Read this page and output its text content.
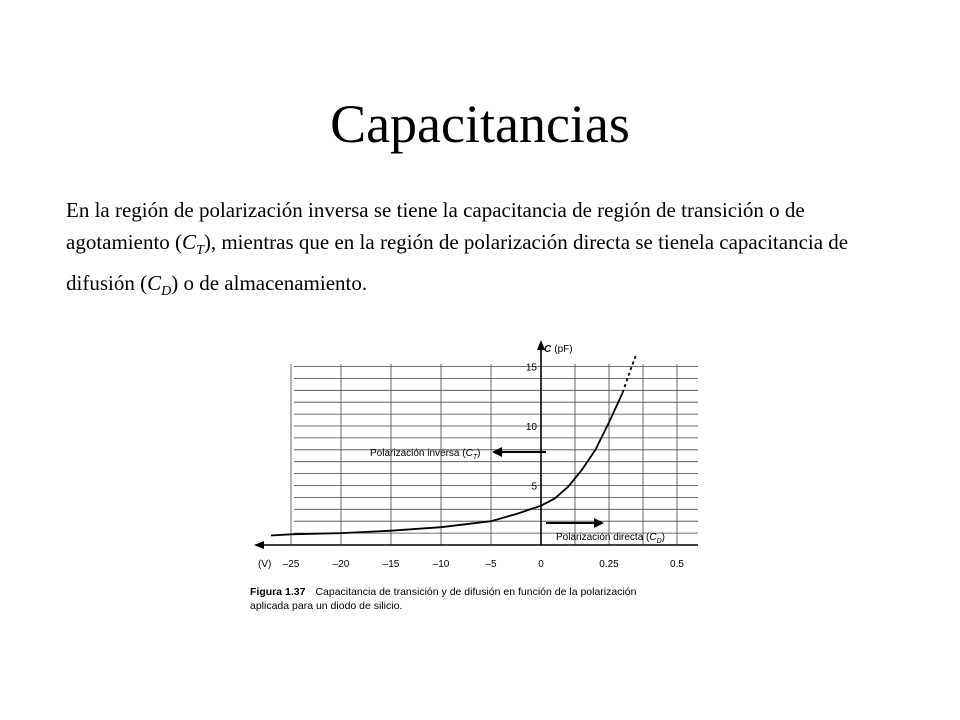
Capacitancias
En la región de polarización inversa se tiene la capacitancia de región de transición o de agotamiento $(C_T)$, mientras que en la región de polarización directa se tienela capacitancia de difusión $(C_D)$ o de almacenamiento.
–25	–20	–15	–10	–5	0	0.25	0.5
5
10
15
Polarización inversa $(C_T)$
Polarización directa $(C_D)$
C (pF)
(V)
Figura 1.37 Capacitancia de transición y de difusión en función de la polarización
aplicada para un diodo de silicio.
